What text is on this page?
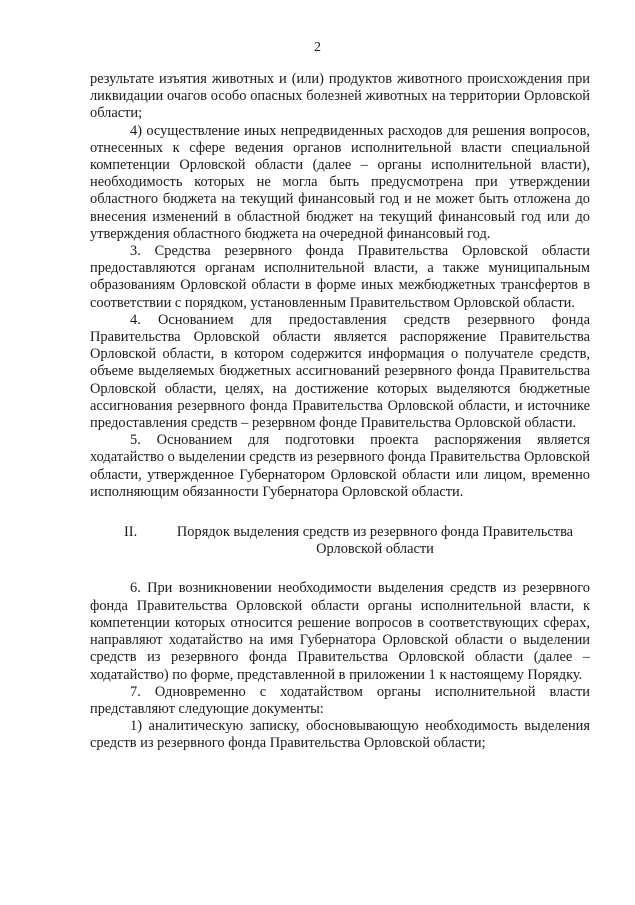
2

результате изъятия животных и (или) продуктов животного происхождения при ликвидации очагов особо опасных болезней животных на территории Орловской области;

4) осуществление иных непредвиденных расходов для решения вопросов, отнесенных к сфере ведения органов исполнительной власти специальной компетенции Орловской области (далее – органы исполнительной власти), необходимость которых не могла быть предусмотрена при утверждении областного бюджета на текущий финансовый год и не может быть отложена до внесения изменений в областной бюджет на текущий финансовый год или до утверждения областного бюджета на очередной финансовый год.

3. Средства резервного фонда Правительства Орловской области предоставляются органам исполнительной власти, а также муниципальным образованиям Орловской области в форме иных межбюджетных трансфертов в соответствии с порядком, установленным Правительством Орловской области.

4. Основанием для предоставления средств резервного фонда Правительства Орловской области является распоряжение Правительства Орловской области, в котором содержится информация о получателе средств, объеме выделяемых бюджетных ассигнований резервного фонда Правительства Орловской области, целях, на достижение которых выделяются бюджетные ассигнования резервного фонда Правительства Орловской области, и источнике предоставления средств – резервном фонде Правительства Орловской области.

5. Основанием для подготовки проекта распоряжения является ходатайство о выделении средств из резервного фонда Правительства Орловской области, утвержденное Губернатором Орловской области или лицом, временно исполняющим обязанности Губернатора Орловской области.

II.	Порядок выделения средств из резервного фонда Правительства Орловской области

6. При возникновении необходимости выделения средств из резервного фонда Правительства Орловской области органы исполнительной власти, к компетенции которых относится решение вопросов в соответствующих сферах, направляют ходатайство на имя Губернатора Орловской области о выделении средств из резервного фонда Правительства Орловской области (далее – ходатайство) по форме, представленной в приложении 1 к настоящему Порядку.

7. Одновременно с ходатайством органы исполнительной власти представляют следующие документы:

1) аналитическую записку, обосновывающую необходимость выделения средств из резервного фонда Правительства Орловской области;
